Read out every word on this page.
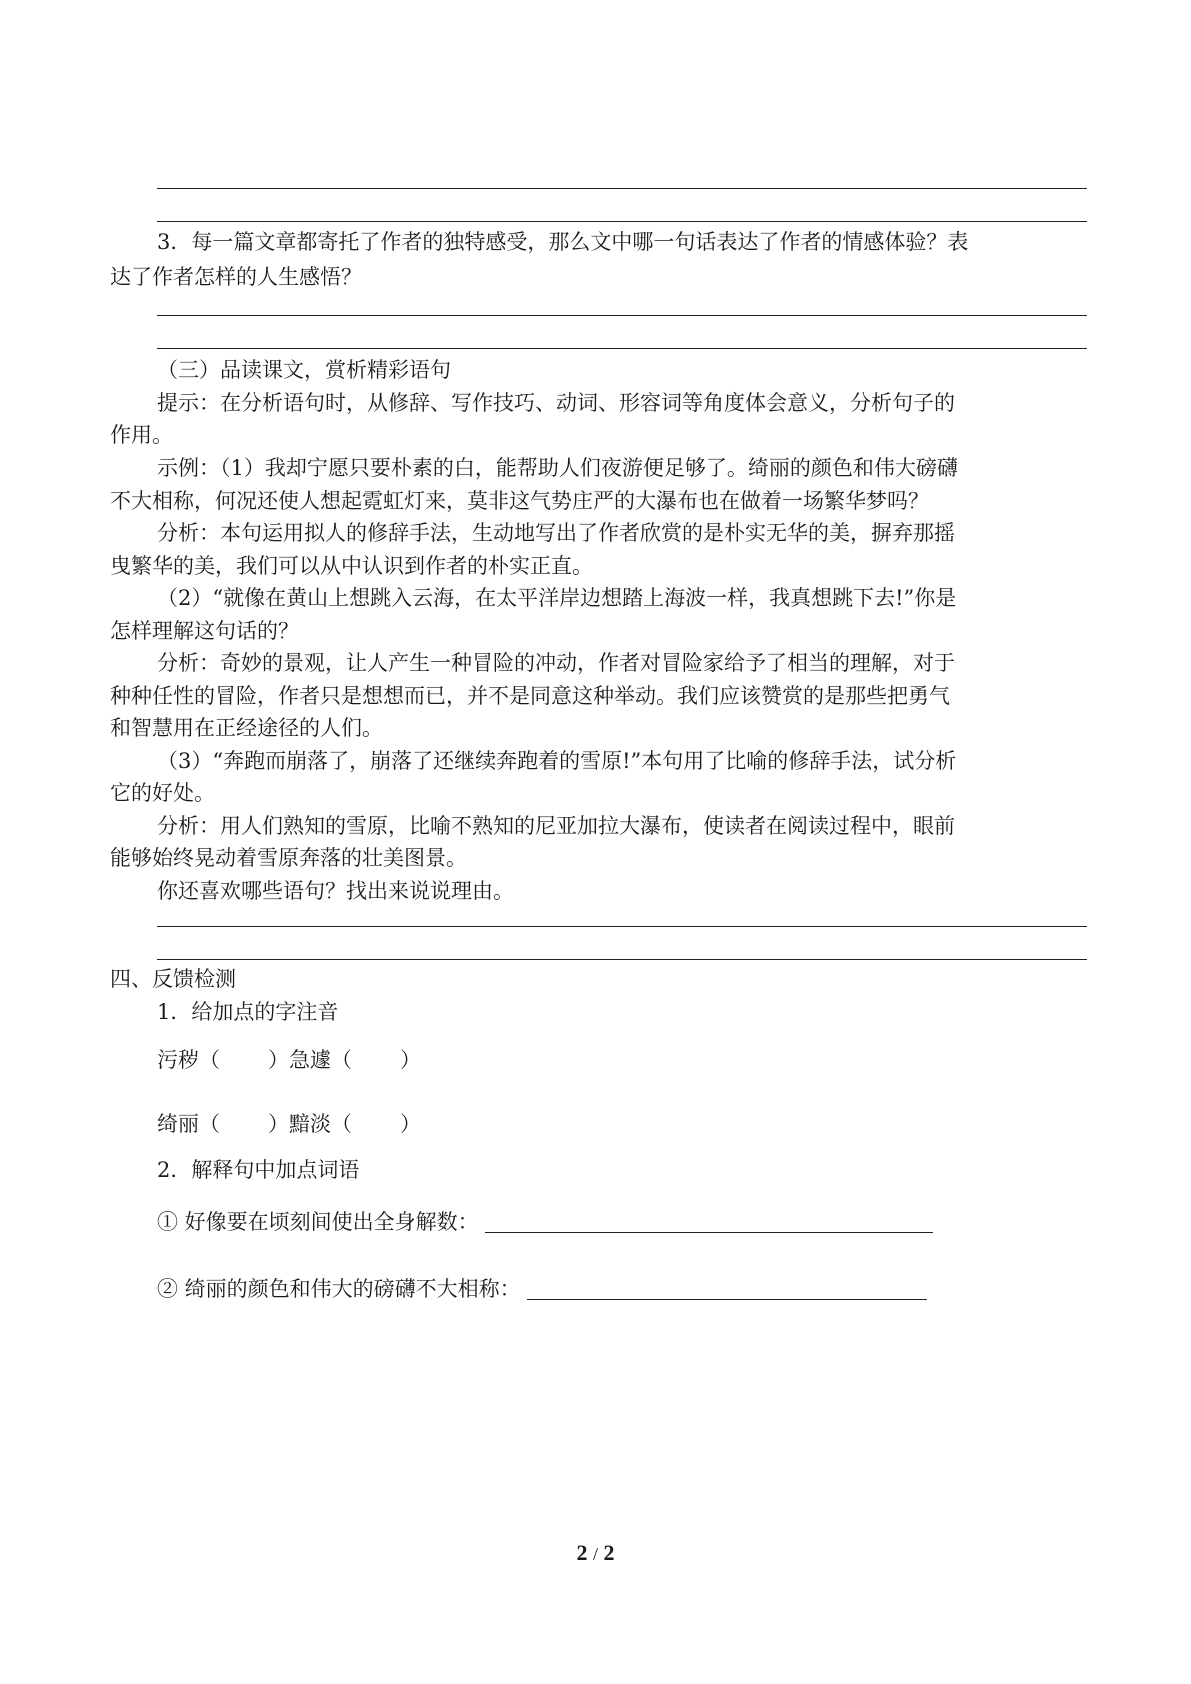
3．每一篇文章都寄托了作者的独特感受，那么文中哪一句话表达了作者的情感体验？表
达了作者怎样的人生感悟？
（三）品读课文，赏析精彩语句
提示：在分析语句时，从修辞、写作技巧、动词、形容词等角度体会意义，分析句子的
作用。
示例：（1）我却宁愿只要朴素的白，能帮助人们夜游便足够了。绮丽的颜色和伟大磅礴
不大相称，何况还使人想起霓虹灯来，莫非这气势庄严的大瀑布也在做着一场繁华梦吗？
分析：本句运用拟人的修辞手法，生动地写出了作者欣赏的是朴实无华的美，摒弃那摇
曳繁华的美，我们可以从中认识到作者的朴实正直。
（2）“就像在黄山上想跳入云海，在太平洋岸边想踏上海波一样，我真想跳下去!”你是
怎样理解这句话的？
分析：奇妙的景观，让人产生一种冒险的冲动，作者对冒险家给予了相当的理解，对于
种种任性的冒险，作者只是想想而已，并不是同意这种举动。我们应该赞赏的是那些把勇气
和智慧用在正经途径的人们。
（3）“奔跑而崩落了，崩落了还继续奔跑着的雪原!”本句用了比喻的修辞手法，试分析
它的好处。
分析：用人们熟知的雪原，比喻不熟知的尼亚加拉大瀑布，使读者在阅读过程中，眼前
能够始终晃动着雪原奔落的壮美图景。
你还喜欢哪些语句？找出来说说理由。
四、反馈检测
1．给加点的字注音
污秽（ ）急遽（ ）
绮丽（ ）黯淡（ ）
2．解释句中加点词语
① 好像要在顷刻间使出全身解数：
② 绮丽的颜色和伟大的磅礴不大相称：
2 / 2
